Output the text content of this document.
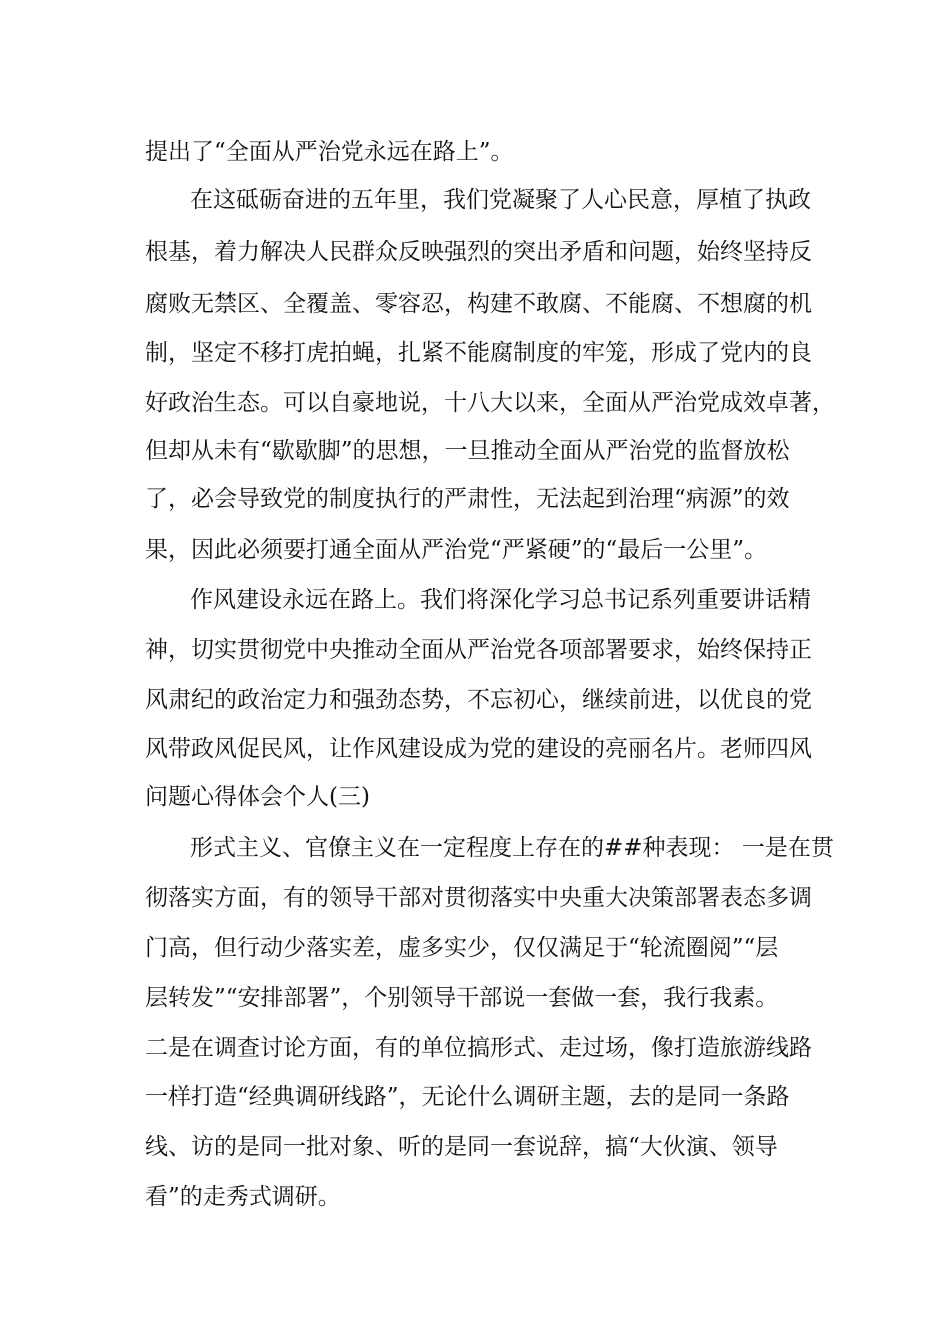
提出了“全面从严治党永远在路上”。

在这砥砺奋进的五年里，我们党凝聚了人心民意，厚植了执政

根基，着力解决人民群众反映强烈的突出矛盾和问题，始终坚持反

腐败无禁区、全覆盖、零容忍，构建不敢腐、不能腐、不想腐的机

制，坚定不移打虎拍蝇，扎紧不能腐制度的牢笼，形成了党内的良

好政治生态。可以自豪地说，十八大以来，全面从严治党成效卓著，

但却从未有“歇歇脚”的思想，一旦推动全面从严治党的监督放松

了，必会导致党的制度执行的严肃性，无法起到治理“病源”的效

果，因此必须要打通全面从严治党“严紧硬”的“最后一公里”。

作风建设永远在路上。我们将深化学习总书记系列重要讲话精

神，切实贯彻党中央推动全面从严治党各项部署要求，始终保持正

风肃纪的政治定力和强劲态势，不忘初心，继续前进，以优良的党

风带政风促民风，让作风建设成为党的建设的亮丽名片。老师四风

问题心得体会个人(三)

形式主义、官僚主义在一定程度上存在的##种表现： 一是在贯

彻落实方面，有的领导干部对贯彻落实中央重大决策部署表态多调

门高，但行动少落实差，虚多实少，仅仅满足于“轮流圈阅”“层

层转发”“安排部署”，个别领导干部说一套做一套，我行我素。

二是在调查讨论方面，有的单位搞形式、走过场，像打造旅游线路

一样打造“经典调研线路”，无论什么调研主题，去的是同一条路

线、访的是同一批对象、听的是同一套说辞，搞“大伙演、领导

看”的走秀式调研。
